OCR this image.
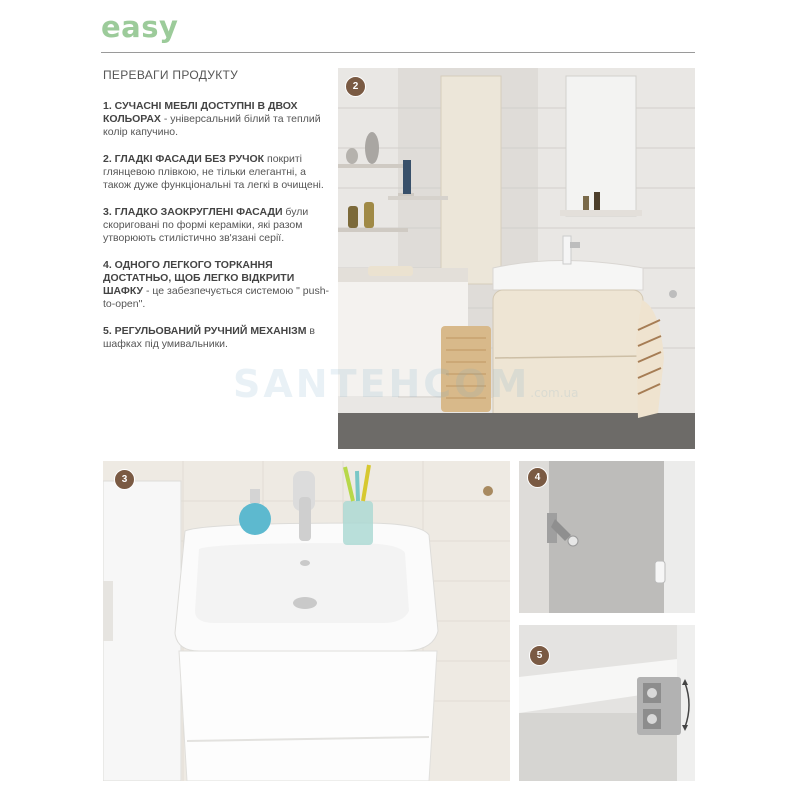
easy
ПЕРЕВАГИ ПРОДУКТУ
1. СУЧАСНІ МЕБЛІ ДОСТУПНІ В ДВОХ КОЛЬОРАХ - універсальний білий та теплий колір капучино.
2. ГЛАДКІ ФАСАДИ БЕЗ РУЧОК покриті глянцевою плівкою, не тільки елегантні, а також дуже функціональні та легкі в очищені.
3. ГЛАДКО ЗАОКРУГЛЕНІ ФАСАДИ були скориговані по формі кераміки, які разом утворюють стилістично зв'язані серії.
4. ОДНОГО ЛЕГКОГО ТОРКАННЯ ДОСТАТНЬО, ЩОБ ЛЕГКО ВІДКРИТИ ШАФКУ - це забезпечується системою " push-to-open".
5. РЕГУЛЬОВАНИЙ РУЧНИЙ МЕХАНІЗМ в шафках під умивальники.
2
3	4
5
SANTEHCOM.com.ua
